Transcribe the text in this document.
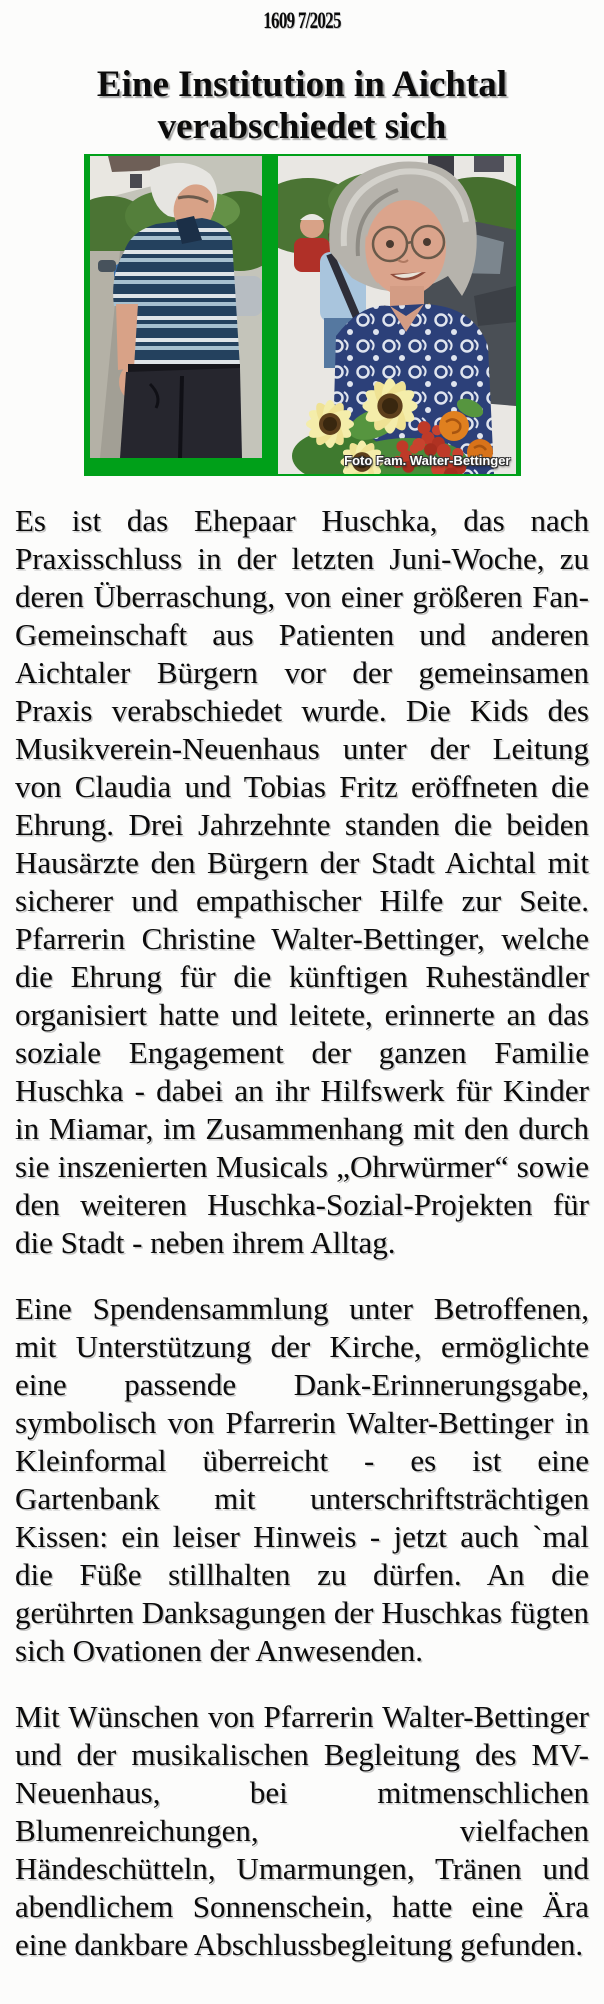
1609 7/2025
Eine Institution in Aichtal
verabschiedet sich
Foto Fam. Walter-Bettinger

Es ist das Ehepaar Huschka, das nach Praxisschluss in der letzten Juni-Woche, zu deren Überraschung, von einer größeren Fan-Gemeinschaft aus Patienten und anderen Aichtaler Bürgern vor der gemeinsamen Praxis verabschiedet wurde. Die Kids des Musikverein-Neuenhaus unter der Leitung von Claudia und Tobias Fritz eröffneten die Ehrung. Drei Jahrzehnte standen die beiden Hausärzte den Bürgern der Stadt Aichtal mit sicherer und empathischer Hilfe zur Seite. Pfarrerin Christine Walter-Bettinger, welche die Ehrung für die künftigen Ruheständler organisiert hatte und leitete, erinnerte an das soziale Engagement der ganzen Familie Huschka - dabei an ihr Hilfswerk für Kinder in Miamar, im Zusammenhang mit den durch sie inszenierten Musicals „Ohrwürmer“ sowie den weiteren Huschka-Sozial-Projekten für die Stadt - neben ihrem Alltag.

Eine Spendensammlung unter Betroffenen, mit Unterstützung der Kirche, ermöglichte eine passende Dank-Erinnerungsgabe, symbolisch von Pfarrerin Walter-Bettinger in Kleinformal überreicht - es ist eine Gartenbank mit unterschriftsträchtigen Kissen: ein leiser Hinweis - jetzt auch `mal die Füße stillhalten zu dürfen. An die gerührten Danksagungen der Huschkas fügten sich Ovationen der Anwesenden.

Mit Wünschen von Pfarrerin Walter-Bettinger und der musikalischen Begleitung des MV-Neuenhaus, bei mitmenschlichen Blumenreichungen, vielfachen Händeschütteln, Umarmungen, Tränen und abendlichem Sonnenschein, hatte eine Ära eine dankbare Abschlussbegleitung gefunden.
